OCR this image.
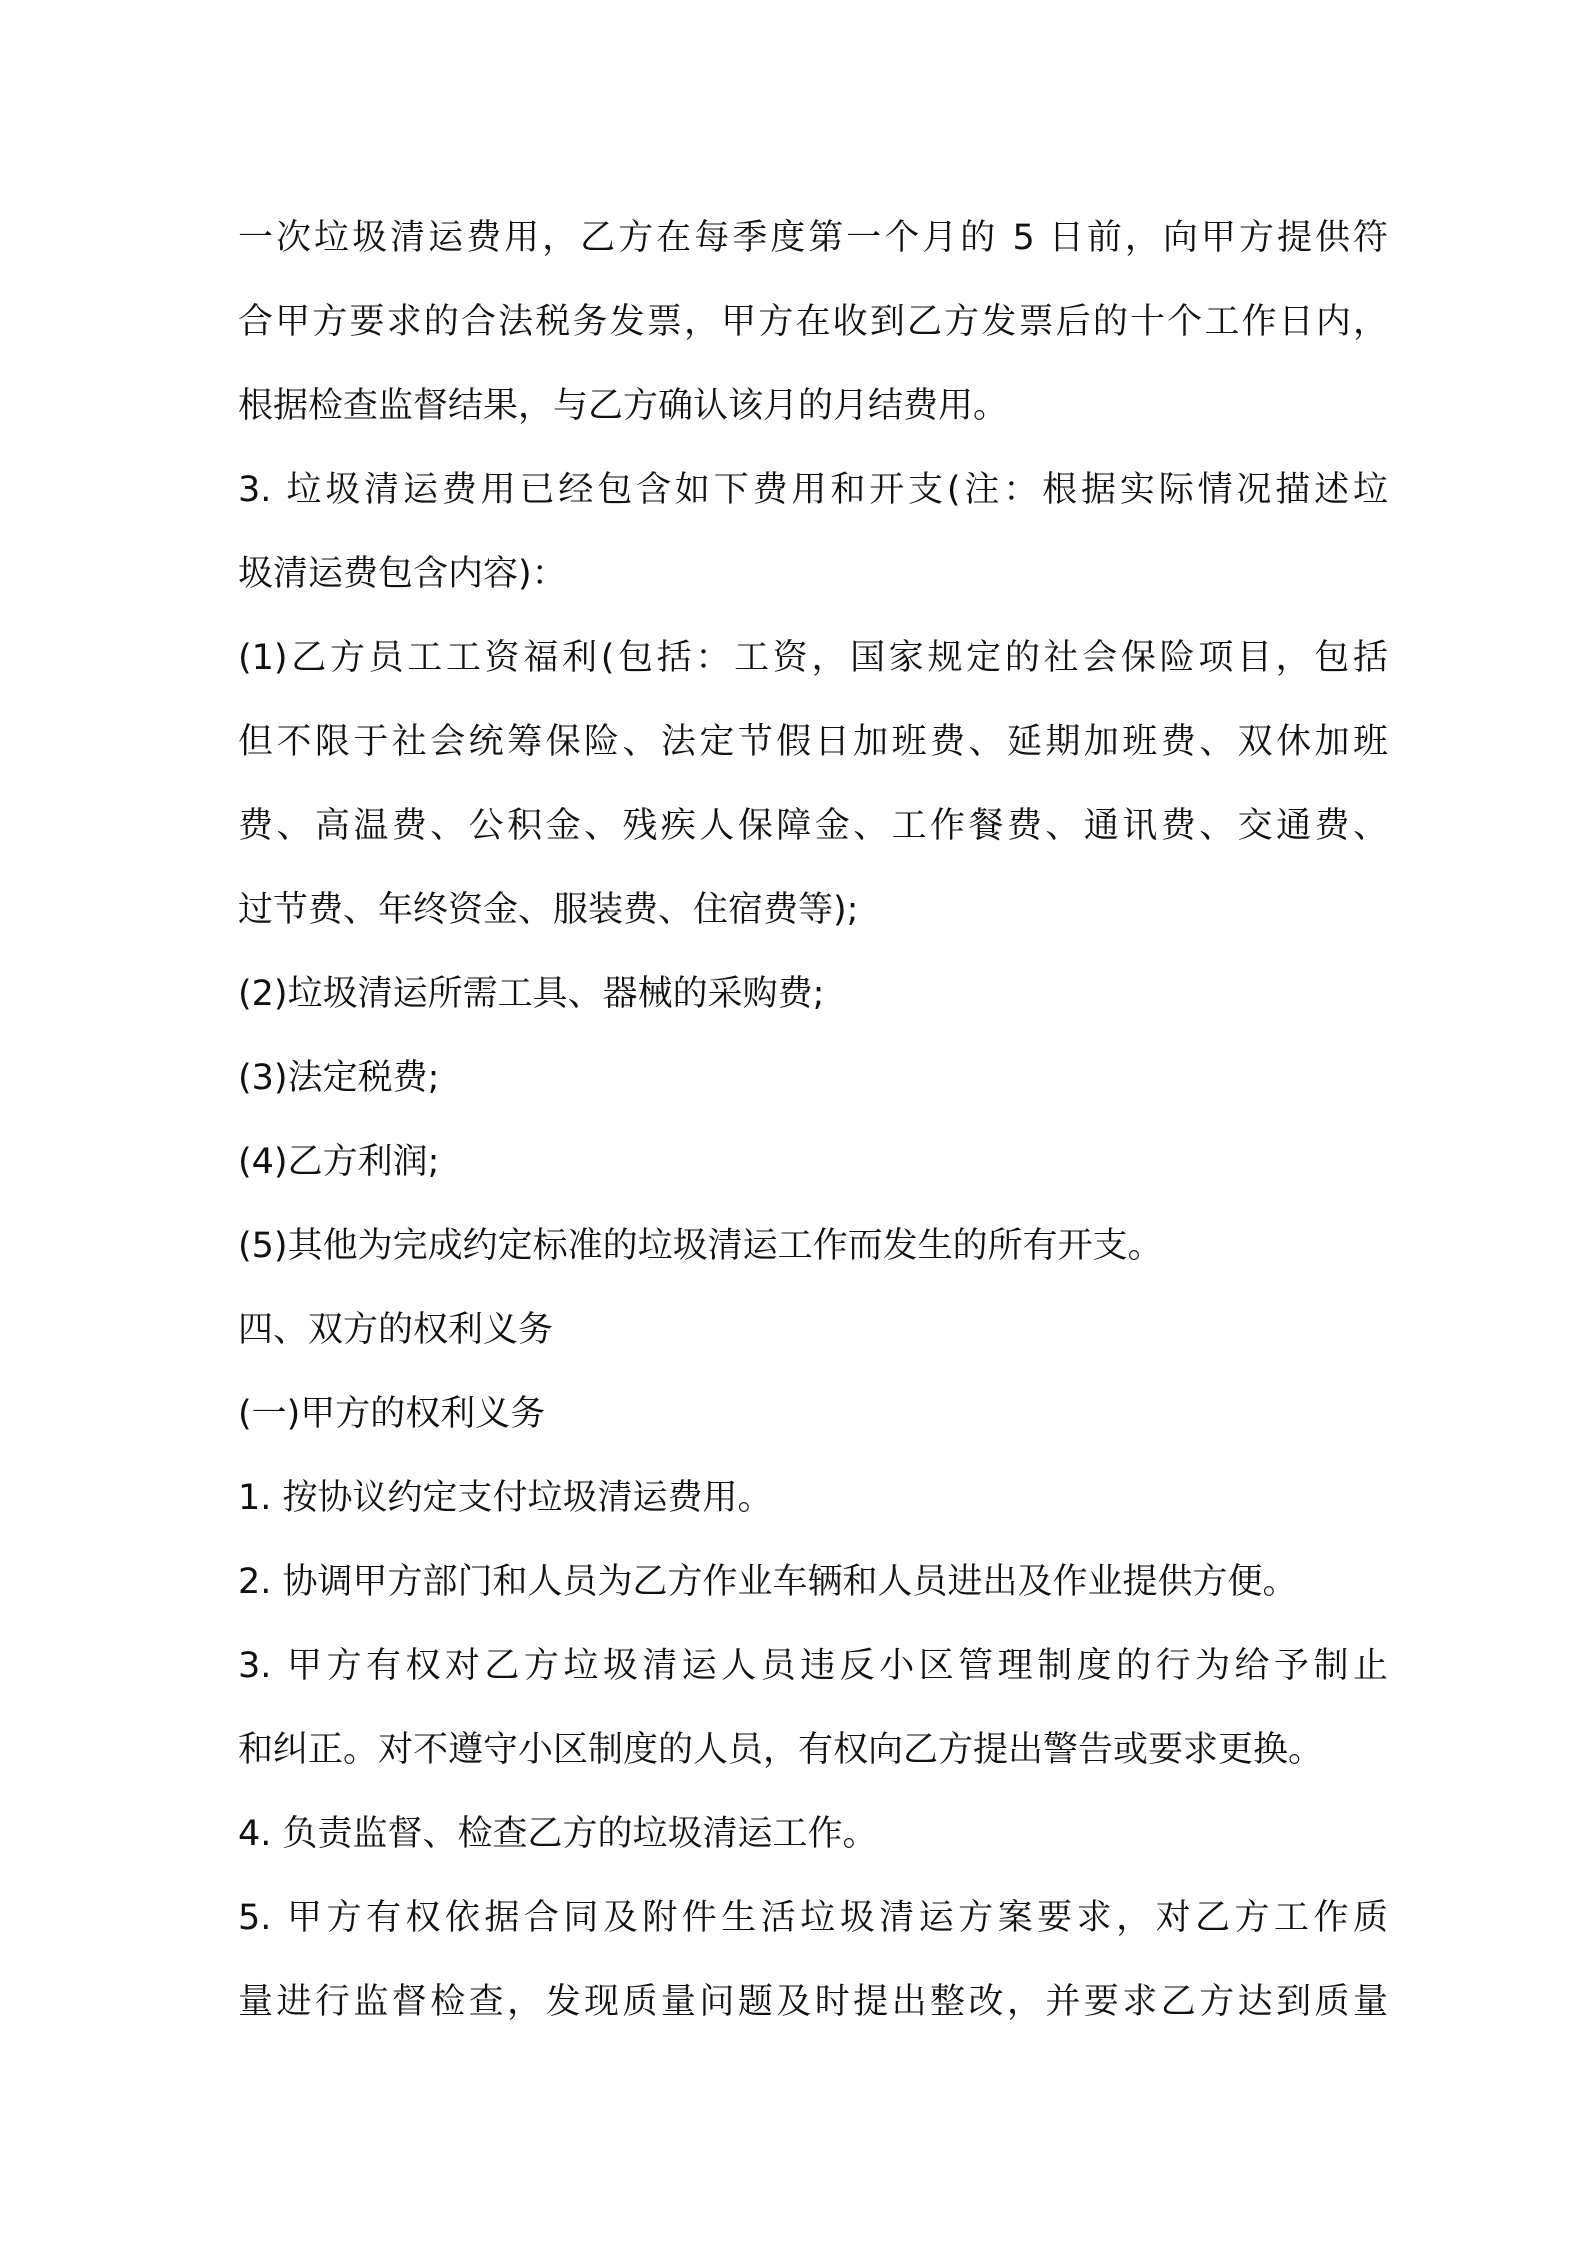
一次垃圾清运费用，乙方在每季度第一个月的 5 日前，向甲方提供符
合甲方要求的合法税务发票，甲方在收到乙方发票后的十个工作日内，
根据检查监督结果，与乙方确认该月的月结费用。
3. 垃圾清运费用已经包含如下费用和开支(注：根据实际情况描述垃
圾清运费包含内容)：
(1)乙方员工工资福利(包括：工资，国家规定的社会保险项目，包括
但不限于社会统筹保险、法定节假日加班费、延期加班费、双休加班
费、高温费、公积金、残疾人保障金、工作餐费、通讯费、交通费、
过节费、年终资金、服装费、住宿费等);
(2)垃圾清运所需工具、器械的采购费;
(3)法定税费;
(4)乙方利润;
(5)其他为完成约定标准的垃圾清运工作而发生的所有开支。
四、双方的权利义务
(一)甲方的权利义务
1. 按协议约定支付垃圾清运费用。
2. 协调甲方部门和人员为乙方作业车辆和人员进出及作业提供方便。
3. 甲方有权对乙方垃圾清运人员违反小区管理制度的行为给予制止
和纠正。对不遵守小区制度的人员，有权向乙方提出警告或要求更换。
4. 负责监督、检查乙方的垃圾清运工作。
5. 甲方有权依据合同及附件生活垃圾清运方案要求，对乙方工作质
量进行监督检查，发现质量问题及时提出整改，并要求乙方达到质量
